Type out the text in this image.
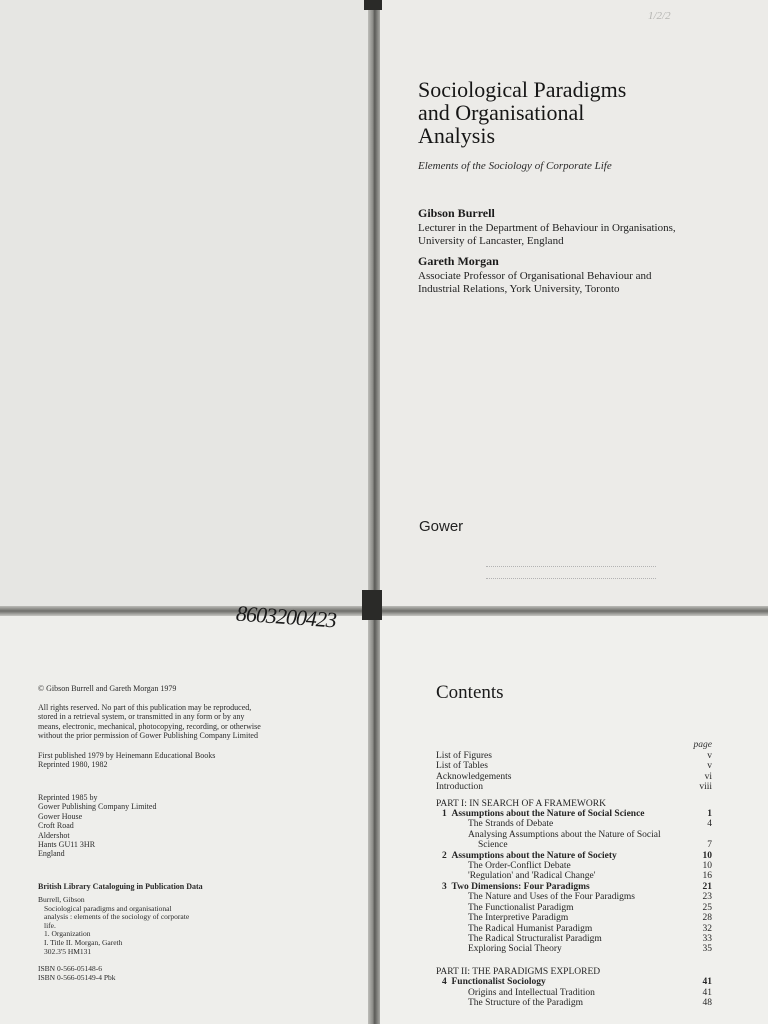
1/2/2
Sociological Paradigms
and Organisational
Analysis
Elements of the Sociology of Corporate Life
Gibson Burrell
Lecturer in the Department of Behaviour in Organisations,
University of Lancaster, England
Gareth Morgan
Associate Professor of Organisational Behaviour and
Industrial Relations, York University, Toronto
Gower
© Gibson Burrell and Gareth Morgan 1979
All rights reserved. No part of this publication may be reproduced,
stored in a retrieval system, or transmitted in any form or by any
means, electronic, mechanical, photocopying, recording, or otherwise
without the prior permission of Gower Publishing Company Limited
First published 1979 by Heinemann Educational Books
Reprinted 1980, 1982
Reprinted 1985 by
Gower Publishing Company Limited
Gower House
Croft Road
Aldershot
Hants GU11 3HR
England
British Library Cataloguing in Publication Data
Burrell, Gibson
Sociological paradigms and organisational
analysis : elements of the sociology of corporate
life.
1. Organization
I. Title II. Morgan, Gareth
302.3'5 HM131
ISBN 0-566-05148-6
ISBN 0-566-05149-4 Pbk
Contents
page
List of Figures	v
List of Tables	v
Acknowledgements	vi
Introduction	viii
PART I: IN SEARCH OF A FRAMEWORK
1 Assumptions about the Nature of Social Science	1
The Strands of Debate	4
Analysing Assumptions about the Nature of Social
Science	7
2 Assumptions about the Nature of Society	10
The Order-Conflict Debate	10
'Regulation' and 'Radical Change'	16
3 Two Dimensions: Four Paradigms	21
The Nature and Uses of the Four Paradigms	23
The Functionalist Paradigm	25
The Interpretive Paradigm	28
The Radical Humanist Paradigm	32
The Radical Structuralist Paradigm	33
Exploring Social Theory	35
PART II: THE PARADIGMS EXPLORED
4 Functionalist Sociology	41
Origins and Intellectual Tradition	41
The Structure of the Paradigm	48
8603200423
